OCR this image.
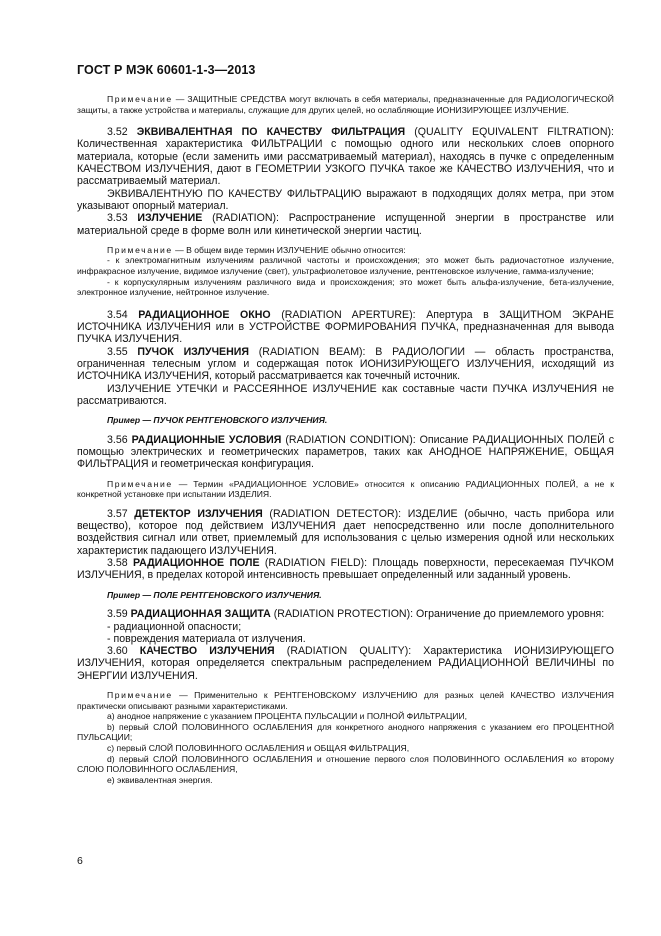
ГОСТ Р МЭК 60601-1-3—2013

Примечание — ЗАЩИТНЫЕ СРЕДСТВА могут включать в себя материалы, предназначенные для РАДИОЛОГИЧЕСКОЙ защиты, а также устройства и материалы, служащие для других целей, но ослабляющие ИОНИЗИРУЮЩЕЕ ИЗЛУЧЕНИЕ.

3.52 ЭКВИВАЛЕНТНАЯ ПО КАЧЕСТВУ ФИЛЬТРАЦИЯ (QUALITY EQUIVALENT FILTRATION): Количественная характеристика ФИЛЬТРАЦИИ с помощью одного или нескольких слоев опорного материала, которые (если заменить ими рассматриваемый материал), находясь в пучке с определенным КАЧЕСТВОМ ИЗЛУЧЕНИЯ, дают в ГЕОМЕТРИИ УЗКОГО ПУЧКА такое же КАЧЕСТВО ИЗЛУЧЕНИЯ, что и рассматриваемый материал.

ЭКВИВАЛЕНТНУЮ ПО КАЧЕСТВУ ФИЛЬТРАЦИЮ выражают в подходящих долях метра, при этом указывают опорный материал.

3.53 ИЗЛУЧЕНИЕ (RADIATION): Распространение испущенной энергии в пространстве или материальной среде в форме волн или кинетической энергии частиц.

Примечание — В общем виде термин ИЗЛУЧЕНИЕ обычно относится:

- к электромагнитным излучениям различной частоты и происхождения; это может быть радиочастотное излучение, инфракрасное излучение, видимое излучение (свет), ультрафиолетовое излучение, рентгеновское излучение, гамма-излучение;

- к корпускулярным излучениям различного вида и происхождения; это может быть альфа-излучение, бета-излучение, электронное излучение, нейтронное излучение.

3.54 РАДИАЦИОННОЕ ОКНО (RADIATION APERTURE): Апертура в ЗАЩИТНОМ ЭКРАНЕ ИСТОЧНИКА ИЗЛУЧЕНИЯ или в УСТРОЙСТВЕ ФОРМИРОВАНИЯ ПУЧКА, предназначенная для вывода ПУЧКА ИЗЛУЧЕНИЯ.

3.55 ПУЧОК ИЗЛУЧЕНИЯ (RADIATION BEAM): В РАДИОЛОГИИ — область пространства, ограниченная телесным углом и содержащая поток ИОНИЗИРУЮЩЕГО ИЗЛУЧЕНИЯ, исходящий из ИСТОЧНИКА ИЗЛУЧЕНИЯ, который рассматривается как точечный источник.

ИЗЛУЧЕНИЕ УТЕЧКИ и РАССЕЯННОЕ ИЗЛУЧЕНИЕ как составные части ПУЧКА ИЗЛУЧЕНИЯ не рассматриваются.

Пример — ПУЧОК РЕНТГЕНОВСКОГО ИЗЛУЧЕНИЯ.

3.56 РАДИАЦИОННЫЕ УСЛОВИЯ (RADIATION CONDITION): Описание РАДИАЦИОННЫХ ПОЛЕЙ с помощью электрических и геометрических параметров, таких как АНОДНОЕ НАПРЯЖЕНИЕ, ОБЩАЯ ФИЛЬТРАЦИЯ и геометрическая конфигурация.

Примечание — Термин «РАДИАЦИОННОЕ УСЛОВИЕ» относится к описанию РАДИАЦИОННЫХ ПОЛЕЙ, а не к конкретной установке при испытании ИЗДЕЛИЯ.

3.57 ДЕТЕКТОР ИЗЛУЧЕНИЯ (RADIATION DETECTOR): ИЗДЕЛИЕ (обычно, часть прибора или веществo), которое под действием ИЗЛУЧЕНИЯ дает непосредственно или после дополнительного воздействия сигнал или ответ, приемлемый для использования с целью измерения одной или нескольких характеристик падающего ИЗЛУЧЕНИЯ.

3.58 РАДИАЦИОННОЕ ПОЛЕ (RADIATION FIELD): Площадь поверхности, пересекаемая ПУЧКОМ ИЗЛУЧЕНИЯ, в пределах которой интенсивность превышает определенный или заданный уровень.

Пример — ПОЛЕ РЕНТГЕНОВСКОГО ИЗЛУЧЕНИЯ.

3.59 РАДИАЦИОННАЯ ЗАЩИТА (RADIATION PROTECTION): Ограничение до приемлемого уровня:

- радиационной опасности;

- повреждения материала от излучения.

3.60 КАЧЕСТВО ИЗЛУЧЕНИЯ (RADIATION QUALITY): Характеристика ИОНИЗИРУЮЩЕГО ИЗЛУЧЕНИЯ, которая определяется спектральным распределением РАДИАЦИОННОЙ ВЕЛИЧИНЫ по ЭНЕРГИИ ИЗЛУЧЕНИЯ.

Примечание — Применительно к РЕНТГЕНОВСКОМУ ИЗЛУЧЕНИЮ для разных целей КАЧЕСТВО ИЗЛУЧЕНИЯ практически описывают разными характеристиками.

а) анодное напряжение с указанием ПРОЦЕНТА ПУЛЬСАЦИИ и ПОЛНОЙ ФИЛЬТРАЦИИ,

b) первый СЛОЙ ПОЛОВИННОГО ОСЛАБЛЕНИЯ для конкретного анодного напряжения с указанием его ПРОЦЕНТНОЙ ПУЛЬСАЦИИ;

c) первый СЛОЙ ПОЛОВИННОГО ОСЛАБЛЕНИЯ и ОБЩАЯ ФИЛЬТРАЦИЯ,

d) первый СЛОЙ ПОЛОВИННОГО ОСЛАБЛЕНИЯ и отношение первого слоя ПОЛОВИННОГО ОСЛАБЛЕНИЯ ко второму СЛОЮ ПОЛОВИННОГО ОСЛАБЛЕНИЯ,

е) эквивалентная энергия.

6
